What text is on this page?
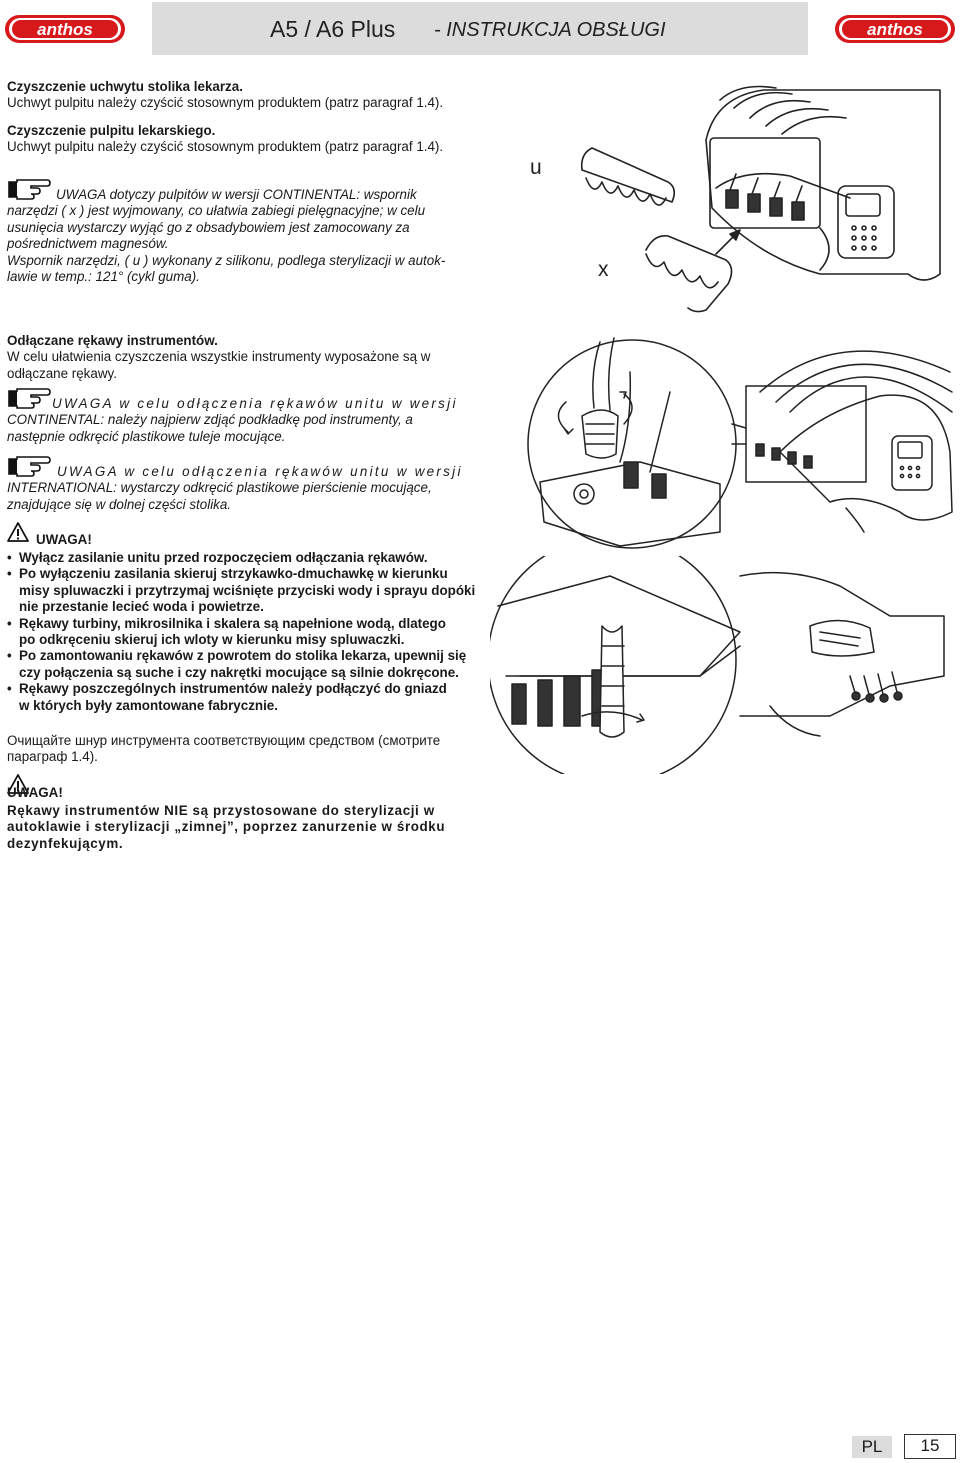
anthos	anthos
A5 / A6 Plus - INSTRUKCJA OBSŁUGI
Czyszczenie uchwytu stolika lekarza.
Uchwyt pulpitu należy czyścić stosownym produktem (patrz paragraf 1.4).
Czyszczenie pulpitu lekarskiego.
Uchwyt pulpitu należy czyścić stosownym produktem (patrz paragraf 1.4).
UWAGA dotyczy pulpitów w wersji CONTINENTAL: wspornik
narzędzi ( x ) jest wyjmowany, co ułatwia zabiegi pielęgnacyjne; w celu
usunięcia wystarczy wyjąć go z obsadybowiem jest zamocowany za
pośrednictwem magnesów.
Wspornik narzędzi, ( u ) wykonany z silikonu, podlega sterylizacji w autok-
lawie w temp.: 121° (cykl guma).
u
x
Odłączane rękawy instrumentów.
W celu ułatwienia czyszczenia wszystkie instrumenty wyposażone są w
odłączane rękawy.
UWAGA w celu odłączenia rękawów unitu w wersji
CONTINENTAL: należy najpierw zdjąć podkładkę pod instrumenty, a
następnie odkręcić plastikowe tuleje mocujące.
UWAGA w celu odłączenia rękawów unitu w wersji
INTERNATIONAL: wystarczy odkręcić plastikowe pierścienie mocujące,
znajdujące się w dolnej części stolika.
UWAGA!
• Wyłącz zasilanie unitu przed rozpoczęciem odłączania rękawów.
• Po wyłączeniu zasilania skieruj strzykawko-dmuchawkę w kierunku
misy spluwaczki i przytrzymaj wciśnięte przyciski wody i sprayu dopóki
nie przestanie lecieć woda i powietrze.
• Rękawy turbiny, mikrosilnika i skalera są napełnione wodą, dlatego
po odkręceniu skieruj ich wloty w kierunku misy spluwaczki.
• Po zamontowaniu rękawów z powrotem do stolika lekarza, upewnij się
czy połączenia są suche i czy nakrętki mocujące są silnie dokręcone.
• Rękawy poszczególnych instrumentów należy podłączyć do gniazd
w których były zamontowane fabrycznie.
Очищайте шнур инструмента соответствующим средством (смотрите
параграф 1.4).
UWAGA!
Rękawy instrumentów NIE są przystosowane do sterylizacji w
autoklawie i sterylizacji „zimnej”, poprzez zanurzenie w środku
dezynfekującym.
PL	15
